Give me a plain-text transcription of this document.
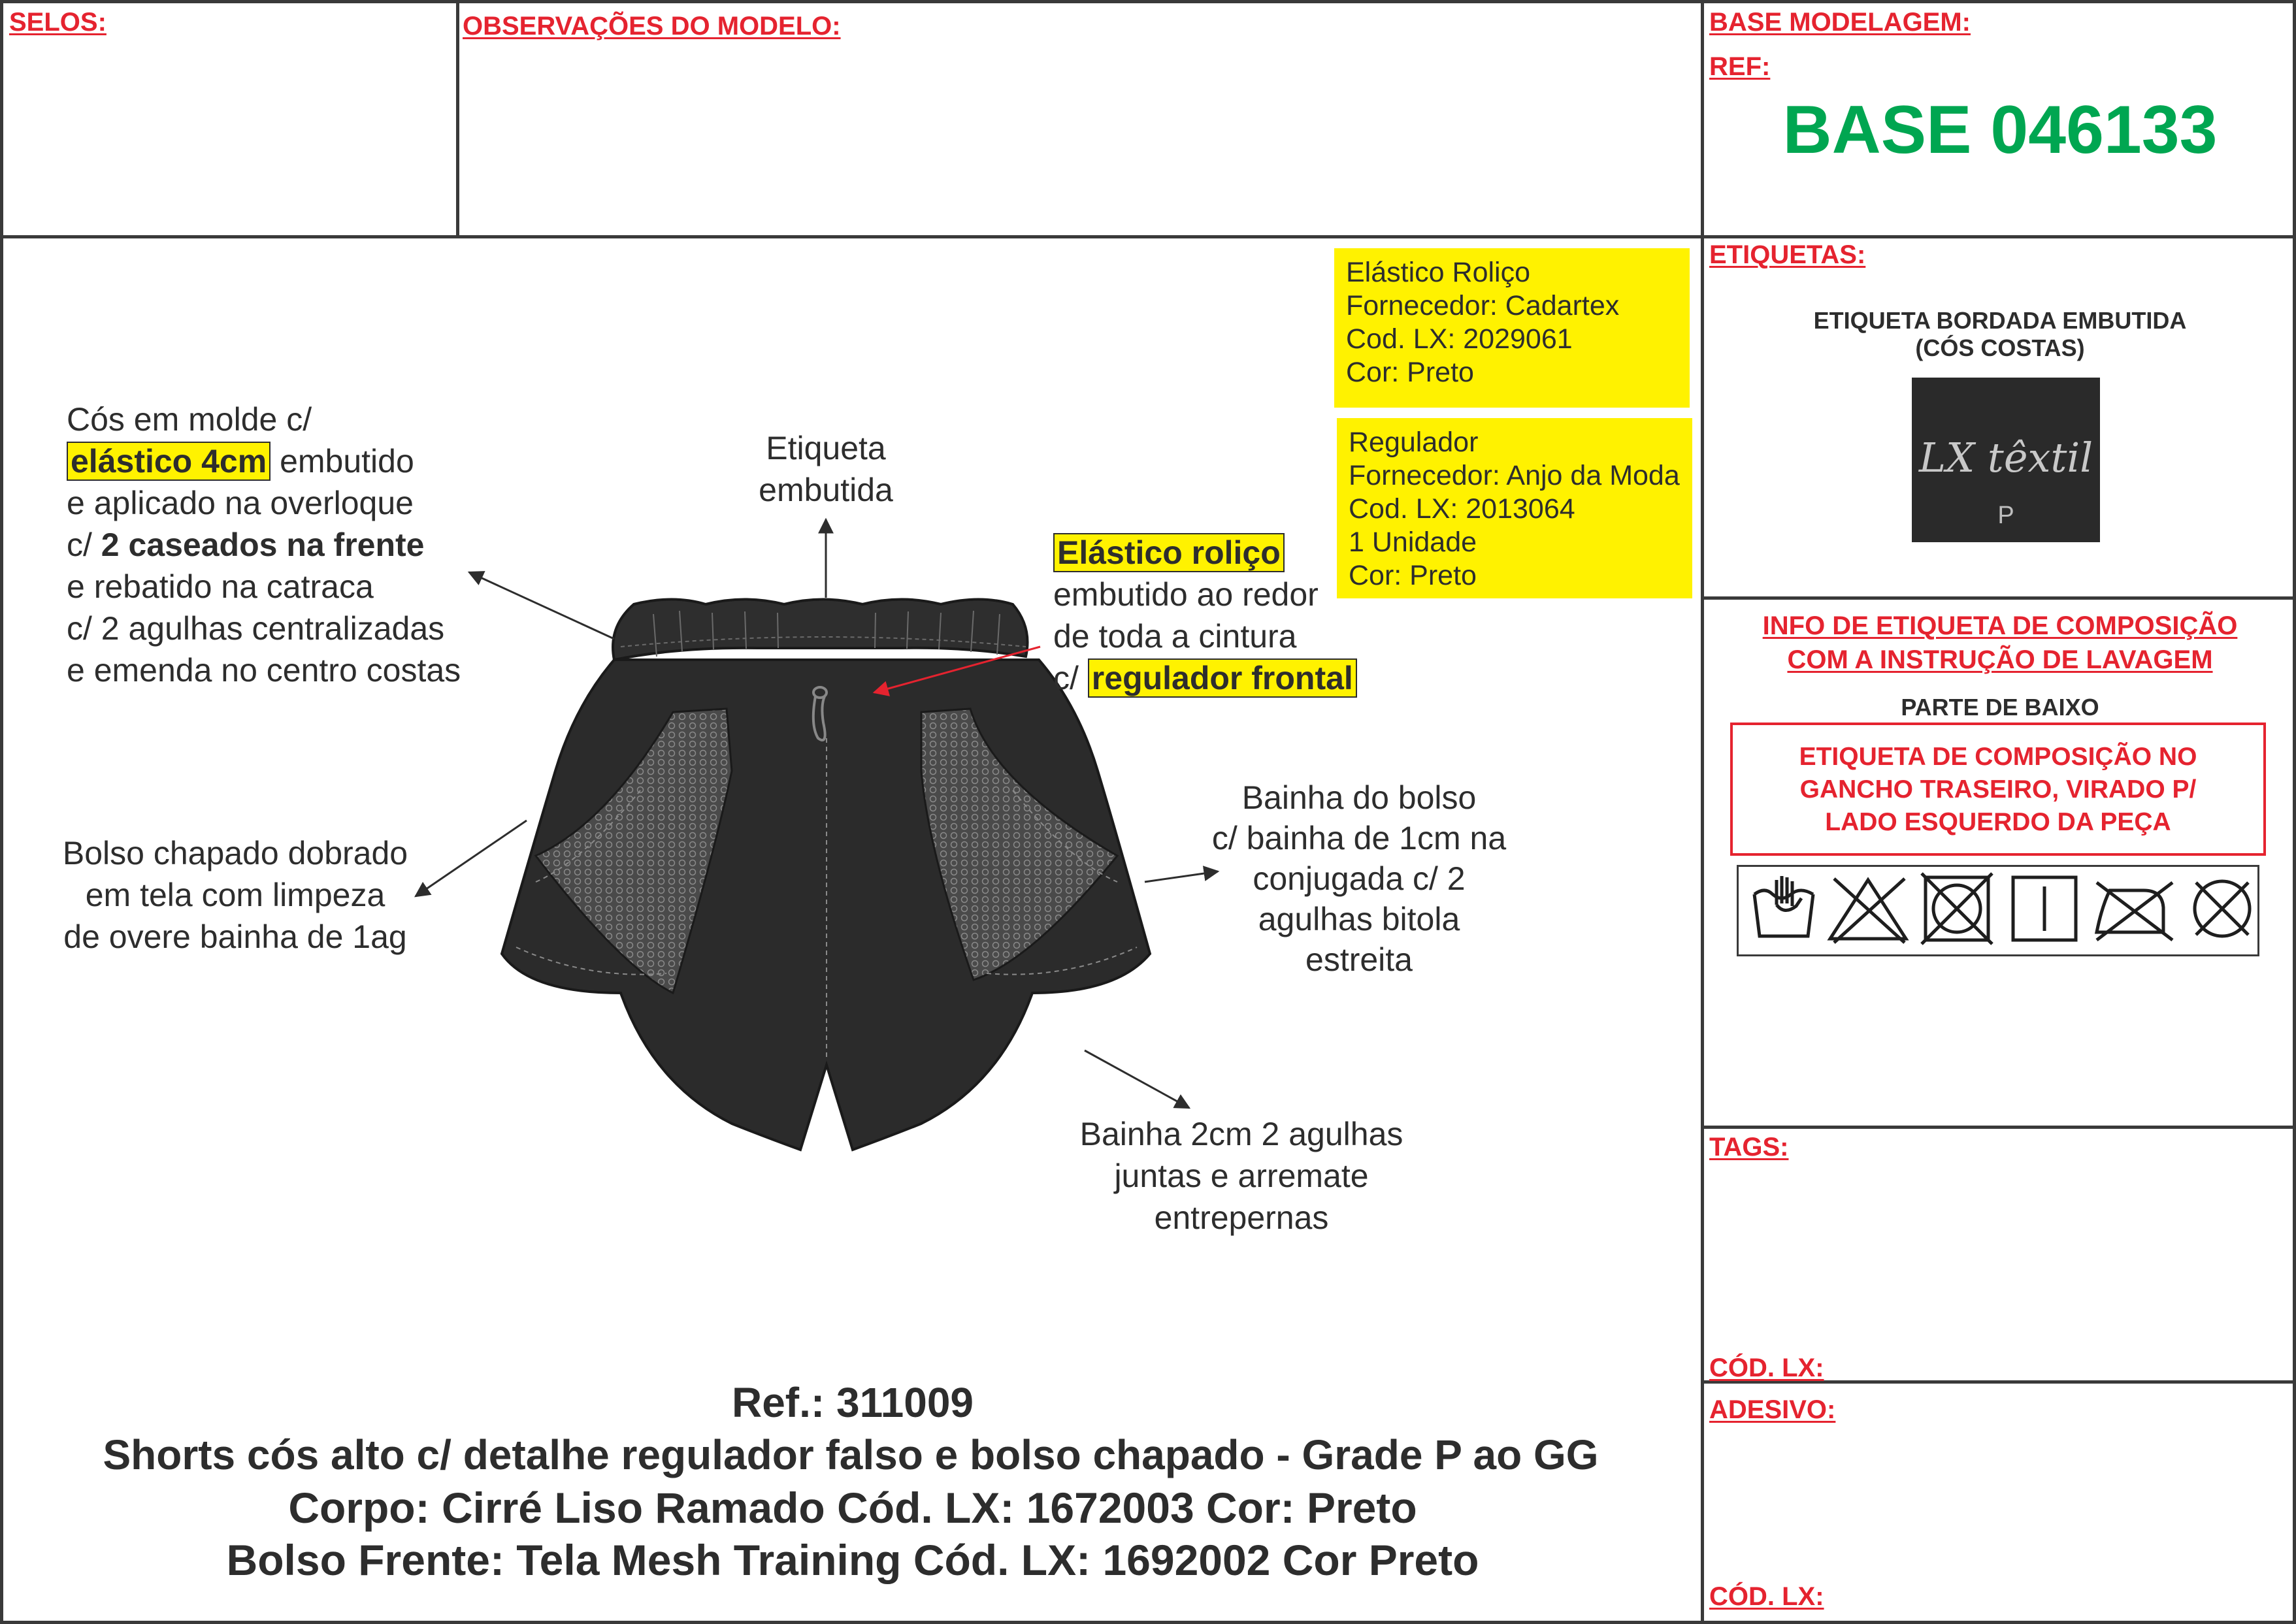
SELOS:	OBSERVAÇÕES DO MODELO:	BASE MODELAGEM:
REF:
BASE 046133
ETIQUETAS:
ETIQUETA BORDADA EMBUTIDA
(CÓS COSTAS)
LX têxtil
P
INFO DE ETIQUETA DE COMPOSIÇÃO
COM A INSTRUÇÃO DE LAVAGEM
PARTE DE BAIXO
ETIQUETA DE COMPOSIÇÃO NO
GANCHO TRASEIRO, VIRADO P/
LADO ESQUERDO DA PEÇA
TAGS:
CÓD. LX:
ADESIVO:
CÓD. LX:
Elástico Roliço
Fornecedor: Cadartex
Cod. LX: 2029061
Cor: Preto
Regulador
Fornecedor: Anjo da Moda
Cod. LX: 2013064
1 Unidade
Cor: Preto
Cós em molde c/
elástico 4cm embutido
e aplicado na overloque
c/ 2 caseados na frente
e rebatido na catraca
c/ 2 agulhas centralizadas
e emenda no centro costas
Etiqueta
embutida
Elástico roliço
embutido ao redor
de toda a cintura
c/ regulador frontal
Bolso chapado dobrado
em tela com limpeza
de overe bainha de 1ag
Bainha do bolso
c/ bainha de 1cm na
conjugada c/ 2
agulhas bitola
estreita
Bainha 2cm 2 agulhas
juntas e arremate
entrepernas
Ref.: 311009
Shorts cós alto c/ detalhe regulador falso e bolso chapado - Grade P ao GG
Corpo: Cirré Liso Ramado Cód. LX: 1672003 Cor: Preto
Bolso Frente: Tela Mesh Training Cód. LX: 1692002 Cor Preto
